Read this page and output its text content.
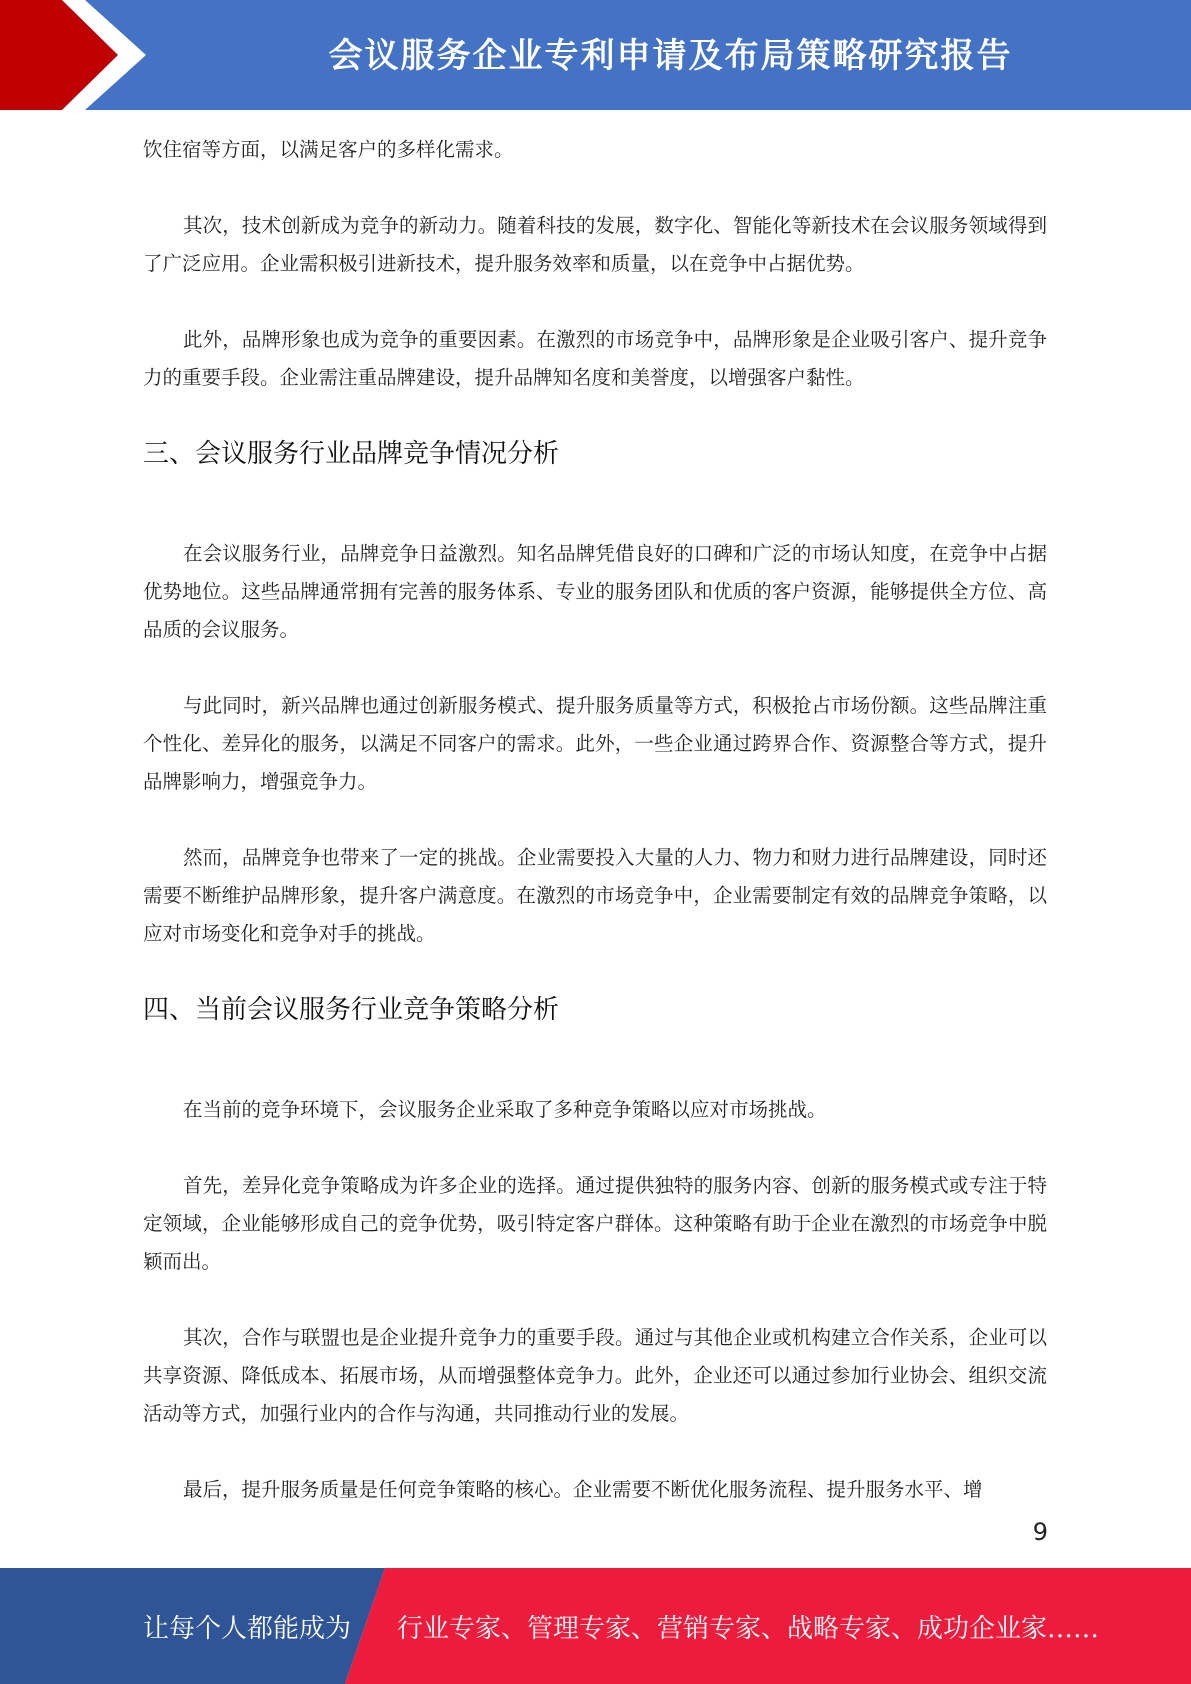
会议服务企业专利申请及布局策略研究报告

饮住宿等方面，以满足客户的多样化需求。

其次，技术创新成为竞争的新动力。随着科技的发展，数字化、智能化等新技术在会议服务领域得到了广泛应用。企业需积极引进新技术，提升服务效率和质量，以在竞争中占据优势。

此外，品牌形象也成为竞争的重要因素。在激烈的市场竞争中，品牌形象是企业吸引客户、提升竞争力的重要手段。企业需注重品牌建设，提升品牌知名度和美誉度，以增强客户黏性。

三、会议服务行业品牌竞争情况分析

在会议服务行业，品牌竞争日益激烈。知名品牌凭借良好的口碑和广泛的市场认知度，在竞争中占据优势地位。这些品牌通常拥有完善的服务体系、专业的服务团队和优质的客户资源，能够提供全方位、高品质的会议服务。

与此同时，新兴品牌也通过创新服务模式、提升服务质量等方式，积极抢占市场份额。这些品牌注重个性化、差异化的服务，以满足不同客户的需求。此外，一些企业通过跨界合作、资源整合等方式，提升品牌影响力，增强竞争力。

然而，品牌竞争也带来了一定的挑战。企业需要投入大量的人力、物力和财力进行品牌建设，同时还需要不断维护品牌形象，提升客户满意度。在激烈的市场竞争中，企业需要制定有效的品牌竞争策略，以应对市场变化和竞争对手的挑战。

四、当前会议服务行业竞争策略分析

在当前的竞争环境下，会议服务企业采取了多种竞争策略以应对市场挑战。

首先，差异化竞争策略成为许多企业的选择。通过提供独特的服务内容、创新的服务模式或专注于特定领域，企业能够形成自己的竞争优势，吸引特定客户群体。这种策略有助于企业在激烈的市场竞争中脱颖而出。

其次，合作与联盟也是企业提升竞争力的重要手段。通过与其他企业或机构建立合作关系，企业可以共享资源、降低成本、拓展市场，从而增强整体竞争力。此外，企业还可以通过参加行业协会、组织交流活动等方式，加强行业内的合作与沟通，共同推动行业的发展。

最后，提升服务质量是任何竞争策略的核心。企业需要不断优化服务流程、提升服务水平、增

9
让每个人都能成为 行业专家、管理专家、营销专家、战略专家、成功企业家……
